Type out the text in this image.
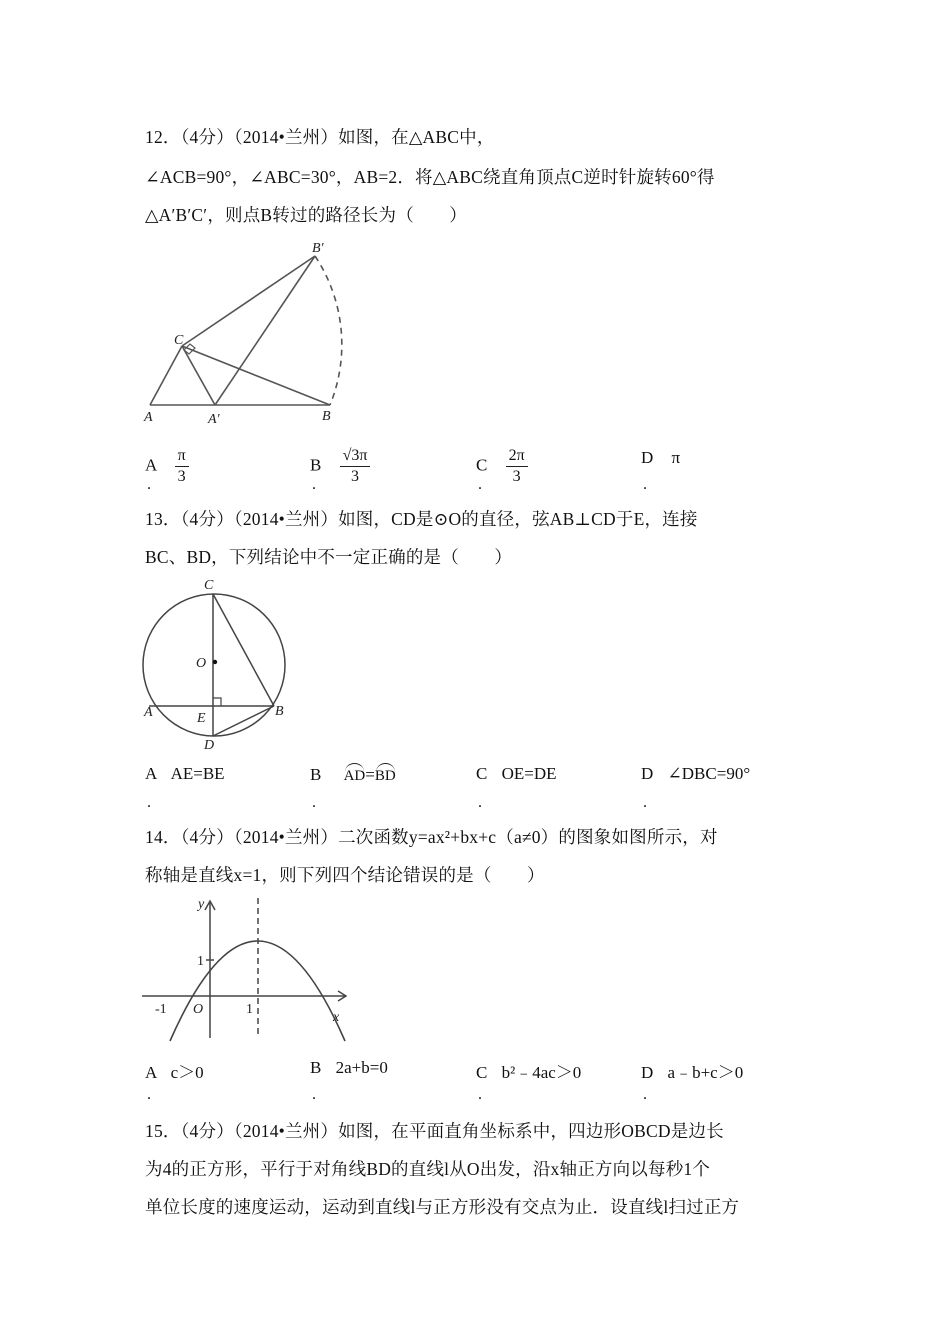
12．（4分）（2014•兰州）如图，在△ABC中，
∠ACB=90°，∠ABC=30°，AB=2．将△ABC绕直角顶点C逆时针旋转60°得
△A′B′C′，则点B转过的路径长为（　　）
A	A′	B
B′
C
A $\frac{\pi}{3}$	B $\frac{√3\pi}{3}$	C $\frac{2\pi}{3}$	D π
.	.	.	.
13．（4分）（2014•兰州）如图，CD是⊙O的直径，弦AB⊥CD于E，连接
BC、BD，下列结论中不一定正确的是（　　）
C
O
A	E	B
D
A AE=BE	B AD=BD	C OE=DE	D ∠DBC=90°
.	.	.	.
14．（4分）（2014•兰州）二次函数y=ax²+bx+c（a≠0）的图象如图所示，对
称轴是直线x=1，则下列四个结论错误的是（　　）
y
x
1
-1 O	1
A c＞0	B 2a+b=0	C b²﹣4ac＞0	D a﹣b+c＞0
.	.	.	.
15．（4分）（2014•兰州）如图，在平面直角坐标系中，四边形OBCD是边长
为4的正方形，平行于对角线BD的直线l从O出发，沿x轴正方向以每秒1个
单位长度的速度运动，运动到直线l与正方形没有交点为止．设直线l扫过正方
